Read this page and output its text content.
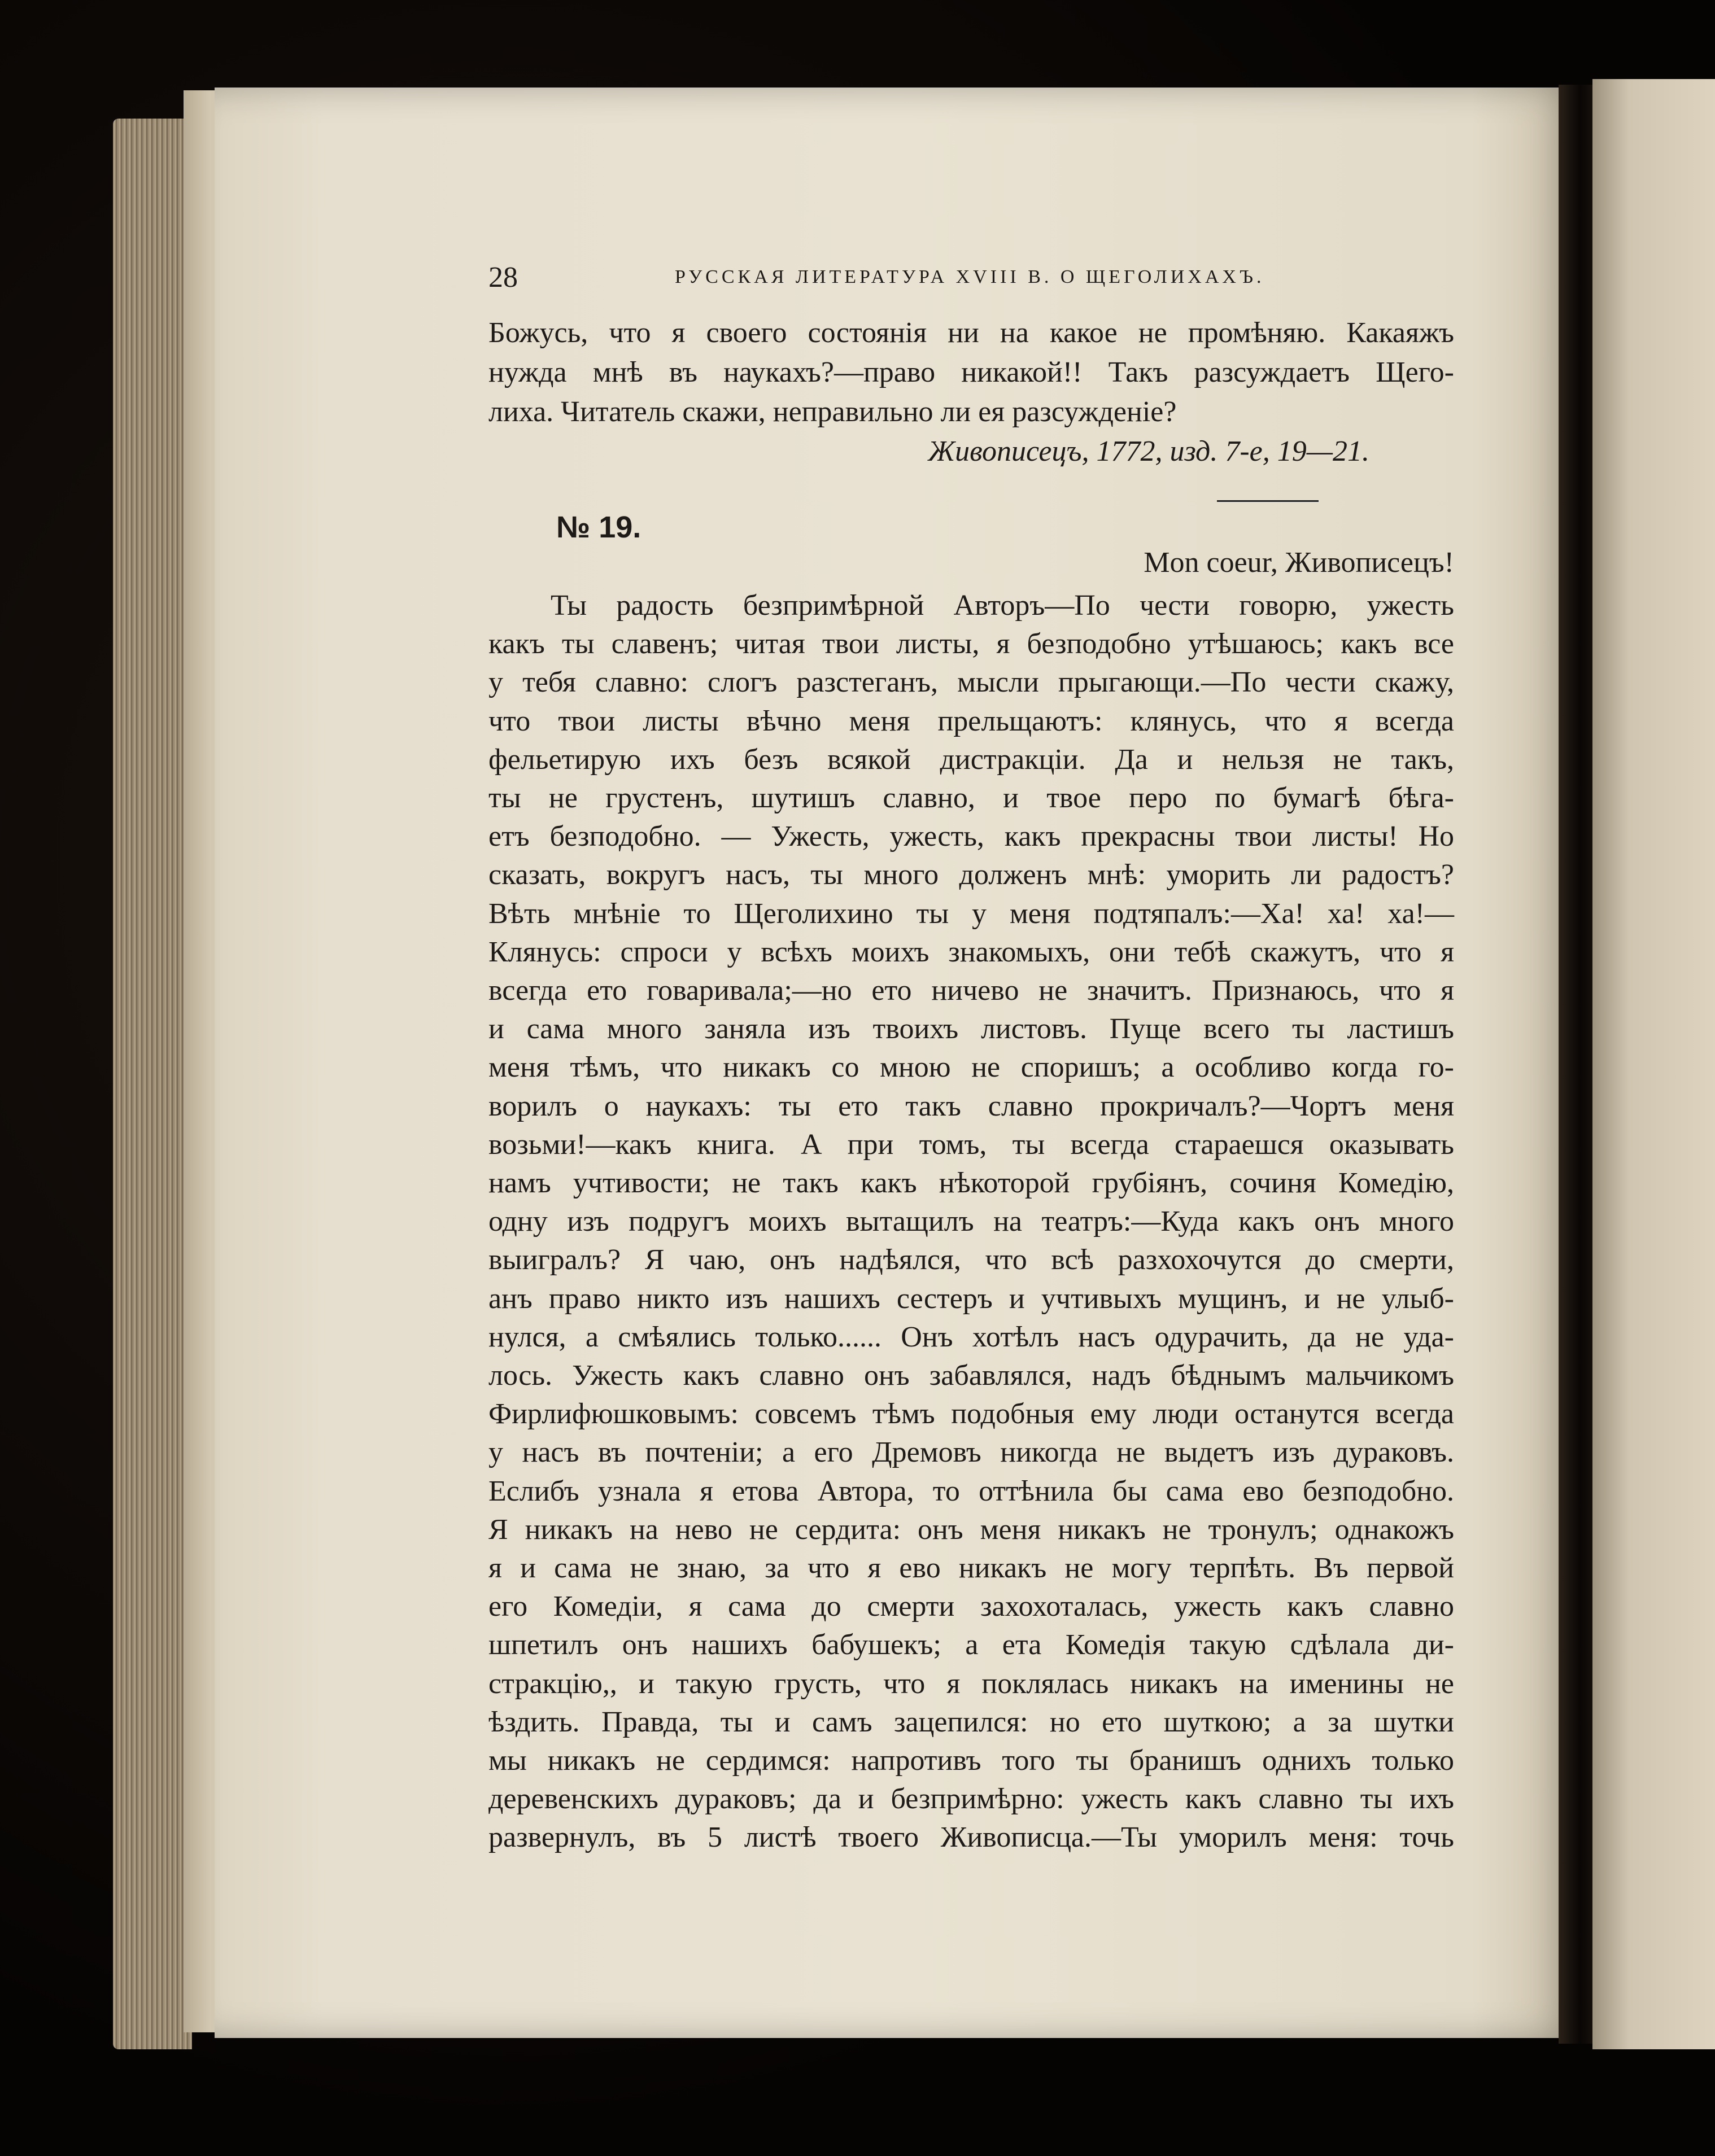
28	РУССКАЯ ЛИТЕРАТУРА XVIII В. О ЩЕГОЛИХАХЪ.
Божусь, что я своего состоянія ни на какое не промѣняю. Какаяжъ
нужда мнѣ въ наукахъ?—право никакой!! Такъ разсуждаетъ Щего-
лиха. Читатель скажи, неправильно ли ея разсужденіе?
Живописецъ, 1772, изд. 7-е, 19—21.
№ 19.
Mon coeur, Живописецъ!
Ты радость безпримѣрной Авторъ—По чести говорю, ужесть
какъ ты славенъ; читая твои листы, я безподобно утѣшаюсь; какъ все
у тебя славно: слогъ разстеганъ, мысли прыгающи.—По чести скажу,
что твои листы вѣчно меня прельщаютъ: клянусь, что я всегда
фельетирую ихъ безъ всякой дистракціи. Да и нельзя не такъ,
ты не грустенъ, шутишъ славно, и твое перо по бумагѣ бѣга-
етъ безподобно. — Ужесть, ужесть, какъ прекрасны твои листы! Но
сказать, вокругъ насъ, ты много долженъ мнѣ: уморить ли радостъ?
Вѣть мнѣніе то Щеголихино ты у меня подтяпалъ:—Ха! ха! ха!—
Клянусь: спроси у всѣхъ моихъ знакомыхъ, они тебѣ скажутъ, что я
всегда ето говаривала;—но ето ничево не значитъ. Признаюсь, что я
и сама много заняла изъ твоихъ листовъ. Пуще всего ты ластишъ
меня тѣмъ, что никакъ со мною не споришъ; а особливо когда го-
ворилъ о наукахъ: ты ето такъ славно прокричалъ?—Чортъ меня
возьми!—какъ книга. А при томъ, ты всегда стараешся оказывать
намъ учтивости; не такъ какъ нѣкоторой грубіянъ, сочиня Комедію,
одну изъ подругъ моихъ вытащилъ на театръ:—Куда какъ онъ много
выигралъ? Я чаю, онъ надѣялся, что всѣ разхохочутся до смерти,
анъ право никто изъ нашихъ сестеръ и учтивыхъ мущинъ, и не улыб-
нулся, а смѣялись только...... Онъ хотѣлъ насъ одурачить, да не уда-
лось. Ужесть какъ славно онъ забавлялся, надъ бѣднымъ мальчикомъ
Фирлифюшковымъ: совсемъ тѣмъ подобныя ему люди останутся всегда
у насъ въ почтеніи; а его Дремовъ никогда не выдетъ изъ дураковъ.
Еслибъ узнала я етова Автора, то оттѣнила бы сама ево безподобно.
Я никакъ на нево не сердита: онъ меня никакъ не тронулъ; однакожъ
я и сама не знаю, за что я ево никакъ не могу терпѣть. Въ первой
его Комедіи, я сама до смерти захохоталась, ужесть какъ славно
шпетилъ онъ нашихъ бабушекъ; а ета Комедія такую сдѣлала ди-
стракцію,, и такую грусть, что я поклялась никакъ на именины не
ѣздить. Правда, ты и самъ зацепился: но ето шуткою; а за шутки
мы никакъ не сердимся: напротивъ того ты бранишъ однихъ только
деревенскихъ дураковъ; да и безпримѣрно: ужесть какъ славно ты ихъ
развернулъ, въ 5 листѣ твоего Живописца.—Ты уморилъ меня: точь
